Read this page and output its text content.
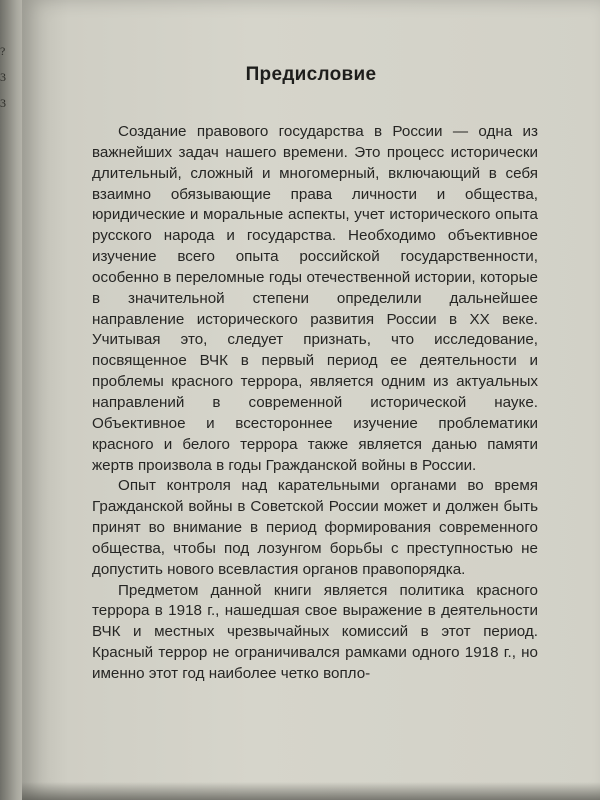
?
3
3
Предисловие

Создание правового государства в России — одна из важнейших задач нашего времени. Это процесс исторически длительный, сложный и многомерный, включающий в себя взаимно обязывающие права личности и общества, юридические и моральные аспекты, учет исторического опыта русского народа и государства. Необходимо объективное изучение всего опыта российской государственности, особенно в переломные годы отечественной истории, которые в значительной степени определили дальнейшее направление исторического развития России в XX веке. Учитывая это, следует признать, что исследование, посвященное ВЧК в первый период ее деятельности и проблемы красного террора, является одним из актуальных направлений в современной исторической науке. Объективное и всестороннее изучение проблематики красного и белого террора также является данью памяти жертв произвола в годы Гражданской войны в России.

Опыт контроля над карательными органами во время Гражданской войны в Советской России может и должен быть принят во внимание в период формирования современного общества, чтобы под лозунгом борьбы с преступностью не допустить нового всевластия органов правопорядка.

Предметом данной книги является политика красного террора в 1918 г., нашедшая свое выражение в деятельности ВЧК и местных чрезвычайных комиссий в этот период. Красный террор не ограничивался рамками одного 1918 г., но именно этот год наиболее четко вопло-
